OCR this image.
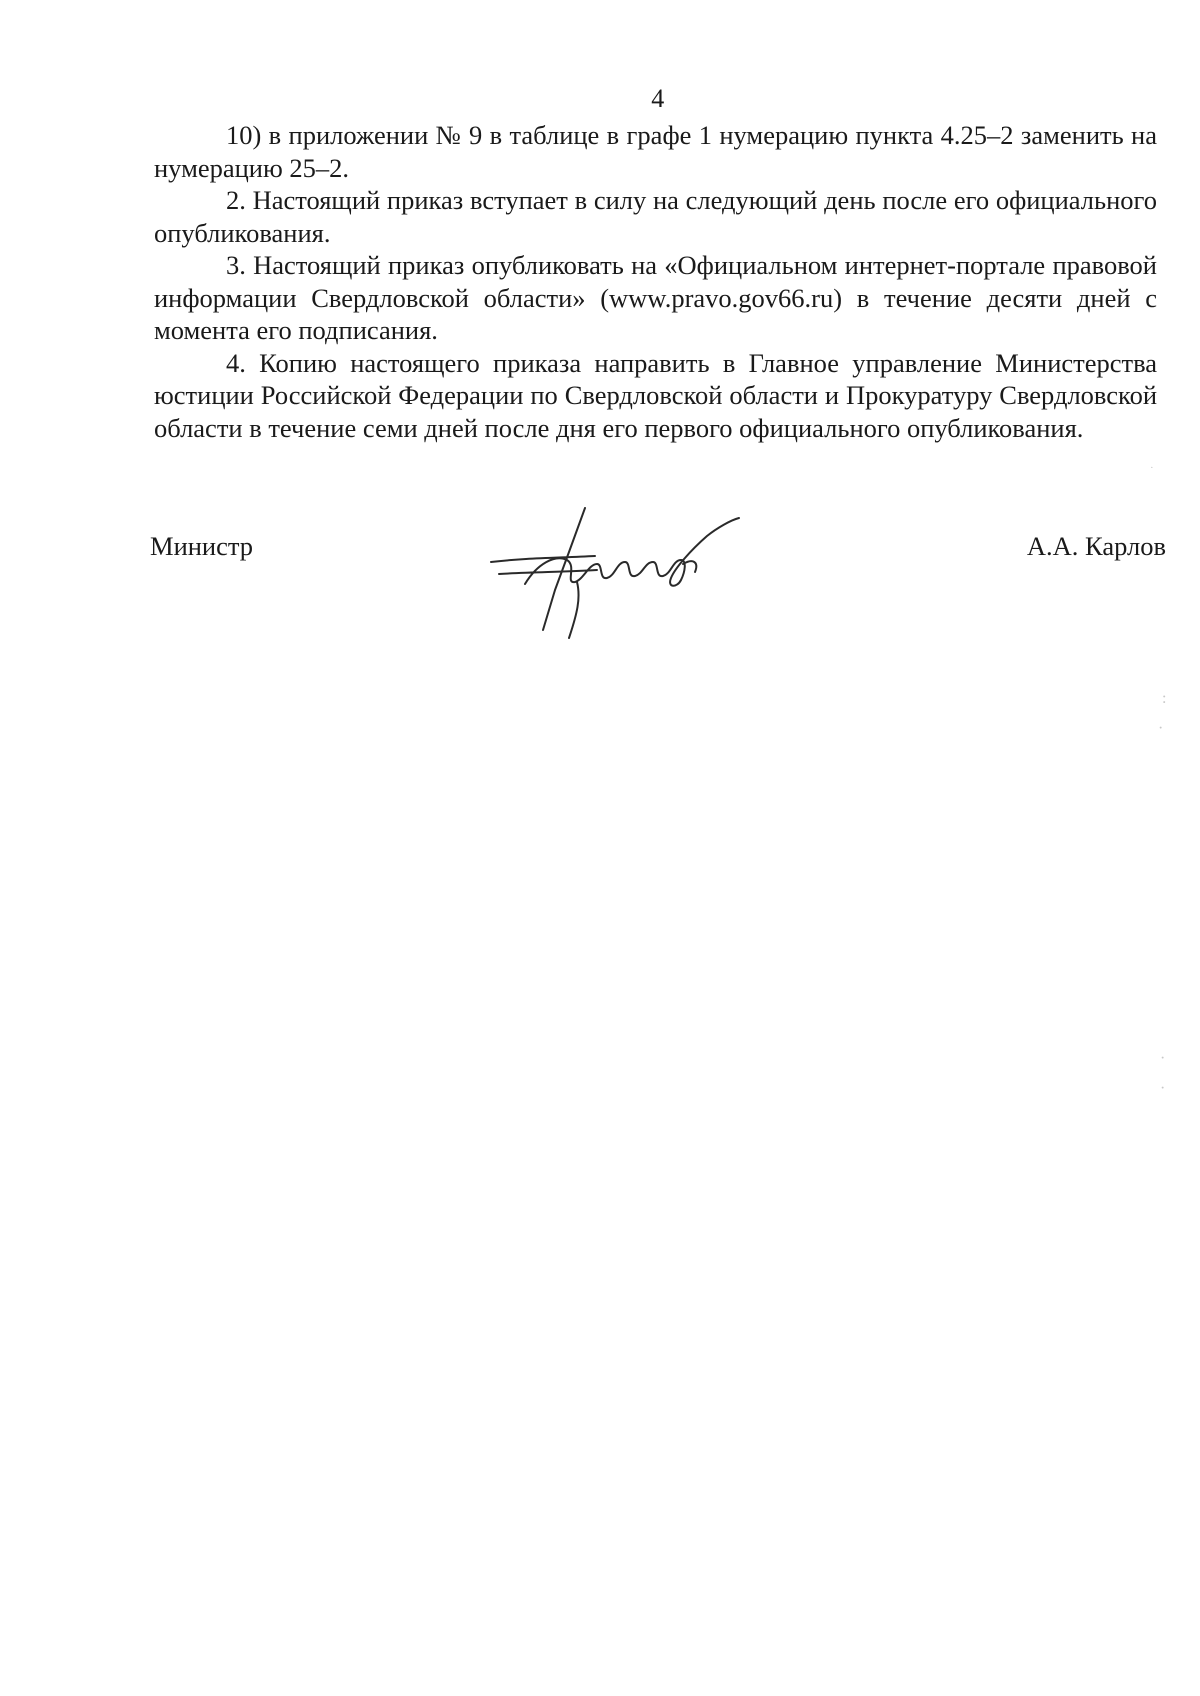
4

10) в приложении № 9 в таблице в графе 1 нумерацию пункта 4.25–2 заменить на нумерацию 25–2.

2. Настоящий приказ вступает в силу на следующий день после его официального опубликования.

3. Настоящий приказ опубликовать на «Официальном интернет-портале правовой информации Свердловской области» (www.pravo.gov66.ru) в течение десяти дней с момента его подписания.

4. Копию настоящего приказа направить в Главное управление Министерства юстиции Российской Федерации по Свердловской области и Прокуратуру Свердловской области в течение семи дней после дня его первого официального опубликования.

Министр	А.А. Карлов
·
:
·
·
·
